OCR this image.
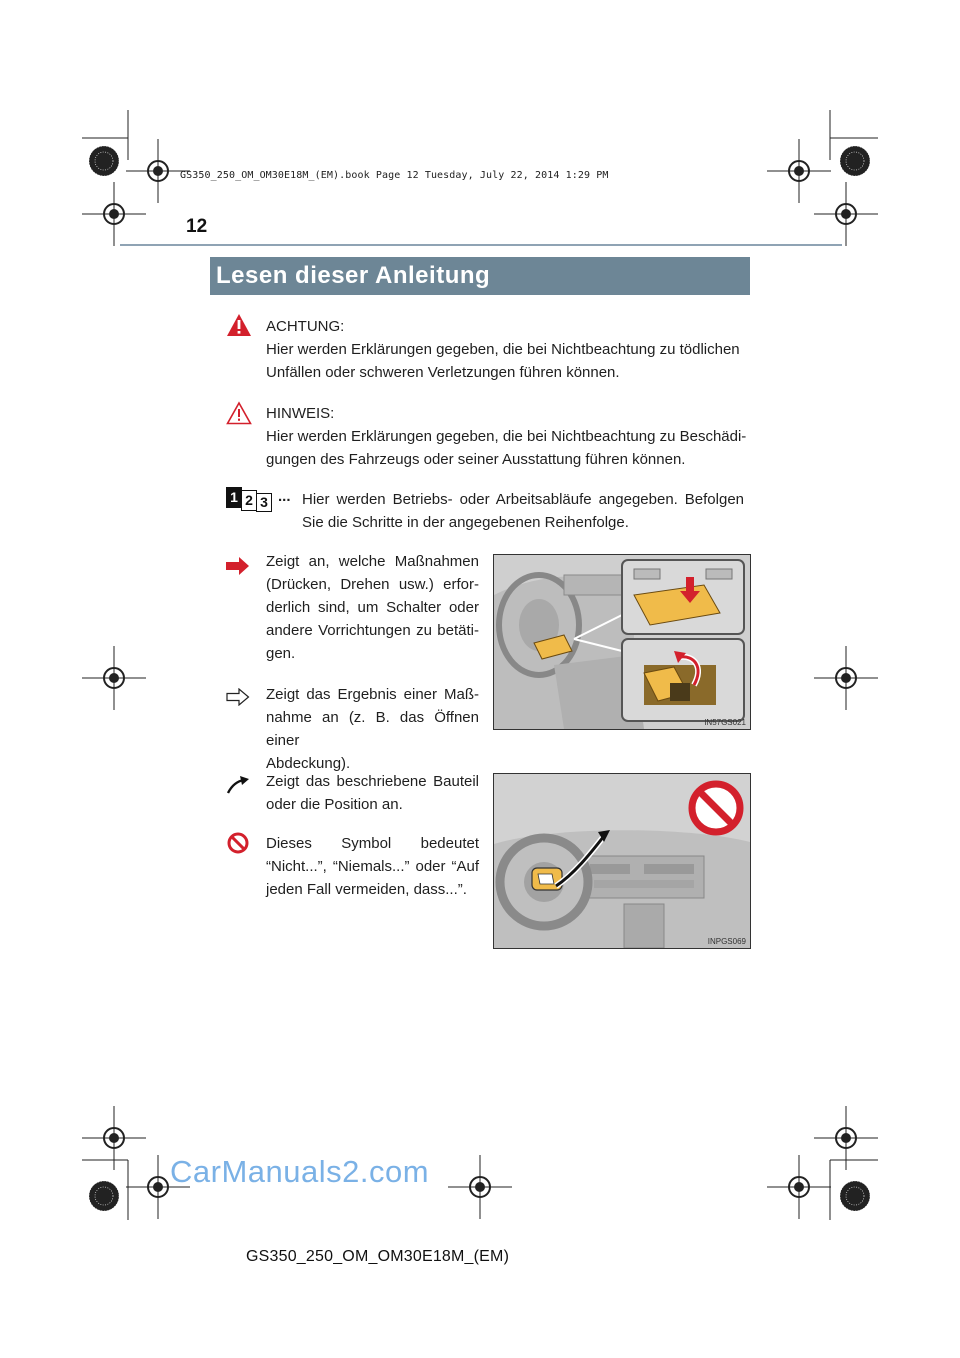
GS350_250_OM_OM30E18M_(EM).book Page 12 Tuesday, July 22, 2014 1:29 PM
12
Lesen dieser Anleitung
ACHTUNG:
Hier werden Erklärungen gegeben, die bei Nichtbeachtung zu tödlichen
Unfällen oder schweren Verletzungen führen können.
HINWEIS:
Hier werden Erklärungen gegeben, die bei Nichtbeachtung zu Beschädi-
gungen des Fahrzeugs oder seiner Ausstattung führen können.
1 2 3 ... Hier werden Betriebs- oder Arbeitsabläufe angegeben. Befolgen
Sie die Schritte in der angegebenen Reihenfolge.
Zeigt an, welche Maßnahmen
(Drücken, Drehen usw.) erfor-
derlich sind, um Schalter oder
andere Vorrichtungen zu betäti-
gen.
Zeigt das Ergebnis einer Maß-
nahme an (z. B. das Öffnen einer
Abdeckung).
IN57GS021
Zeigt das beschriebene Bauteil
oder die Position an.
Dieses Symbol bedeutet
“Nicht...”, “Niemals...” oder “Auf
jeden Fall vermeiden, dass...”.
INPGS069
CarManuals2.com
GS350_250_OM_OM30E18M_(EM)
